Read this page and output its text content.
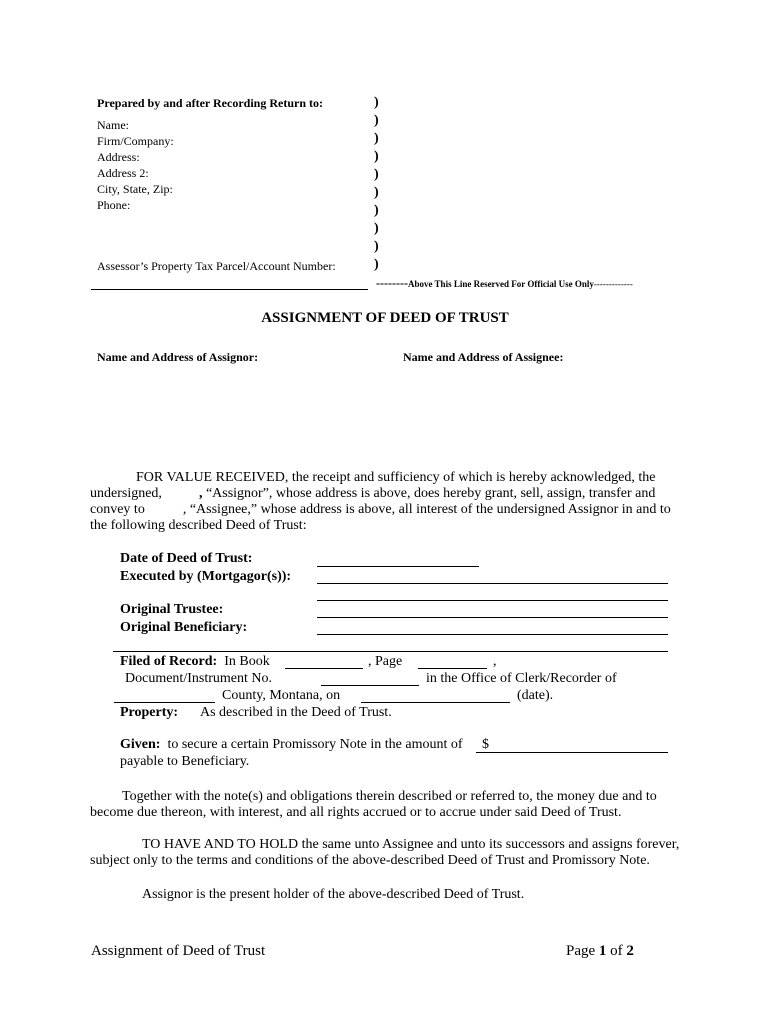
Prepared by and after Recording Return to:
Name:
Firm/Company:
Address:
Address 2:
City, State, Zip:
Phone:
Assessor’s Property Tax Parcel/Account Number:
)
)
)
)
)
)
)
)
)
)
--------Above This Line Reserved For Official Use Only-------------
ASSIGNMENT OF DEED OF TRUST
Name and Address of Assignor:	Name and Address of Assignee:
FOR VALUE RECEIVED, the receipt and sufficiency of which is hereby acknowledged, the
undersigned,	, “Assignor”, whose address is above, does hereby grant, sell, assign, transfer and
convey to	, “Assignee,” whose address is above, all interest of the undersigned Assignor in and to
the following described Deed of Trust:
Date of Deed of Trust:
Executed by (Mortgagor(s)):
Original Trustee:
Original Beneficiary:
Filed of Record: In Book	, Page	,
Document/Instrument No.	in the Office of Clerk/Recorder of
County, Montana, on	(date).
Property: As described in the Deed of Trust.
Given: to secure a certain Promissory Note in the amount of $
payable to Beneficiary.
Together with the note(s) and obligations therein described or referred to, the money due and to become due thereon, with interest, and all rights accrued or to accrue under said Deed of Trust.
TO HAVE AND TO HOLD the same unto Assignee and unto its successors and assigns forever, subject only to the terms and conditions of the above-described Deed of Trust and Promissory Note.
Assignor is the present holder of the above-described Deed of Trust.
Assignment of Deed of Trust	Page 1 of 2
